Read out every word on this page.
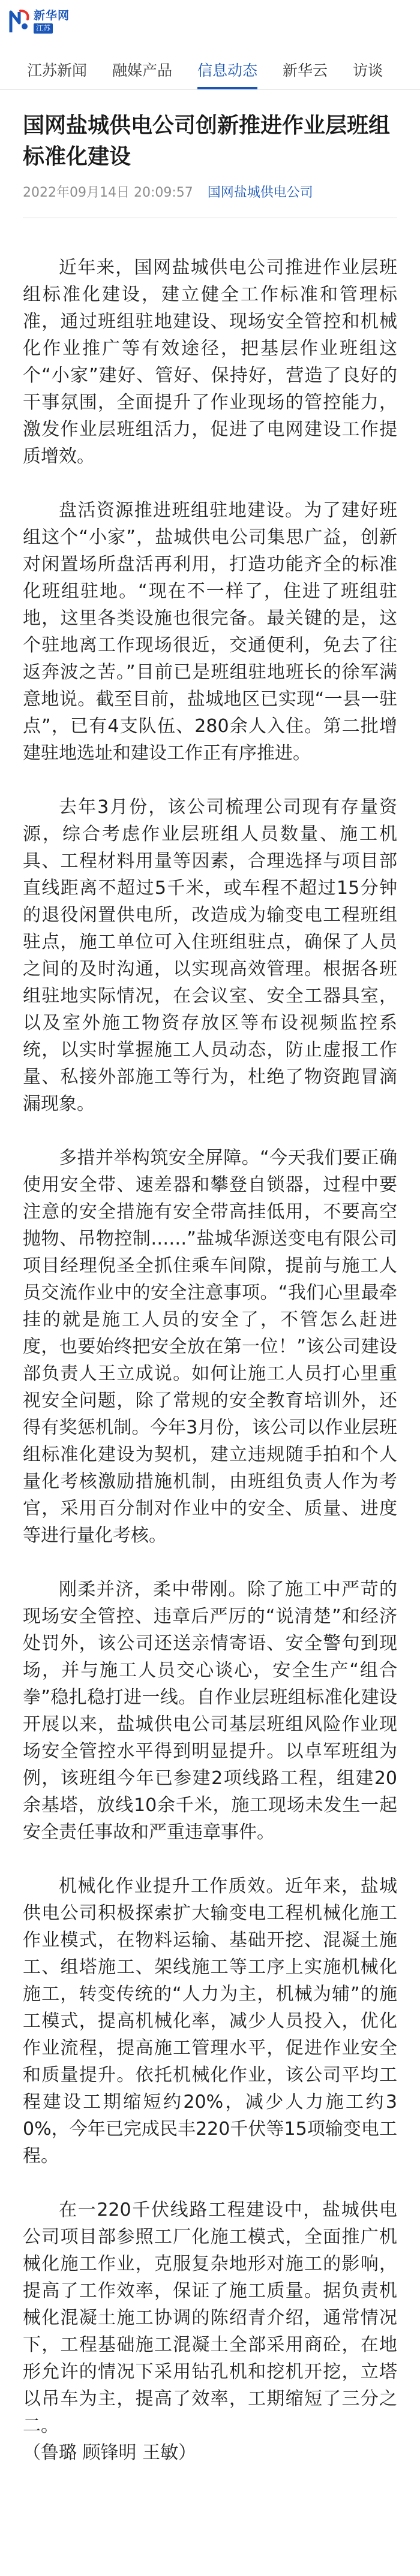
新华网
江苏
江苏新闻	融媒产品	信息动态	新华云	访谈
国网盐城供电公司创新推进作业层班组标准化建设
2022年09月14日 20:09:57 国网盐城供电公司

近年来，国网盐城供电公司推进作业层班组标准化建设，建立健全工作标准和管理标准，通过班组驻地建设、现场安全管控和机械化作业推广等有效途径，把基层作业班组这个“小家”建好、管好、保持好，营造了良好的干事氛围，全面提升了作业现场的管控能力，激发作业层班组活力，促进了电网建设工作提质增效。

盘活资源推进班组驻地建设。为了建好班组这个“小家”，盐城供电公司集思广益，创新对闲置场所盘活再利用，打造功能齐全的标准化班组驻地。“现在不一样了，住进了班组驻地，这里各类设施也很完备。最关键的是，这个驻地离工作现场很近，交通便利，免去了往返奔波之苦。”目前已是班组驻地班长的徐军满意地说。截至目前，盐城地区已实现“一县一驻点”，已有4支队伍、280余人入住。第二批增建驻地选址和建设工作正有序推进。

去年3月份，该公司梳理公司现有存量资源，综合考虑作业层班组人员数量、施工机具、工程材料用量等因素，合理选择与项目部直线距离不超过5千米，或车程不超过15分钟的退役闲置供电所，改造成为输变电工程班组驻点，施工单位可入住班组驻点，确保了人员之间的及时沟通，以实现高效管理。根据各班组驻地实际情况，在会议室、安全工器具室，以及室外施工物资存放区等布设视频监控系统，以实时掌握施工人员动态，防止虚报工作量、私接外部施工等行为，杜绝了物资跑冒滴漏现象。

多措并举构筑安全屏障。“今天我们要正确使用安全带、速差器和攀登自锁器，过程中要注意的安全措施有安全带高挂低用，不要高空抛物、吊物控制……”盐城华源送变电有限公司项目经理倪圣全抓住乘车间隙，提前与施工人员交流作业中的安全注意事项。“我们心里最牵挂的就是施工人员的安全了，不管怎么赶进度，也要始终把安全放在第一位！”该公司建设部负责人王立成说。如何让施工人员打心里重视安全问题，除了常规的安全教育培训外，还得有奖惩机制。今年3月份，该公司以作业层班组标准化建设为契机，建立违规随手拍和个人量化考核激励措施机制，由班组负责人作为考官，采用百分制对作业中的安全、质量、进度等进行量化考核。

刚柔并济，柔中带刚。除了施工中严苛的现场安全管控、违章后严厉的“说清楚”和经济处罚外，该公司还送亲情寄语、安全警句到现场，并与施工人员交心谈心，安全生产“组合拳”稳扎稳打进一线。自作业层班组标准化建设开展以来，盐城供电公司基层班组风险作业现场安全管控水平得到明显提升。以卓军班组为例，该班组今年已参建2项线路工程，组建20余基塔，放线10余千米，施工现场未发生一起安全责任事故和严重违章事件。

机械化作业提升工作质效。近年来，盐城供电公司积极探索扩大输变电工程机械化施工作业模式，在物料运输、基础开挖、混凝土施工、组塔施工、架线施工等工序上实施机械化施工，转变传统的“人力为主，机械为辅”的施工模式，提高机械化率，减少人员投入，优化作业流程，提高施工管理水平，促进作业安全和质量提升。依托机械化作业，该公司平均工程建设工期缩短约20%，减少人力施工约30%，今年已完成民丰220千伏等15项输变电工程。

在一220千伏线路工程建设中，盐城供电公司项目部参照工厂化施工模式，全面推广机械化施工作业，克服复杂地形对施工的影响，提高了工作效率，保证了施工质量。据负责机械化混凝土施工协调的陈绍青介绍，通常情况下，工程基础施工混凝土全部采用商砼，在地形允许的情况下采用钻孔机和挖机开挖，立塔以吊车为主，提高了效率，工期缩短了三分之二。

（鲁璐 顾锋明 王敏）
